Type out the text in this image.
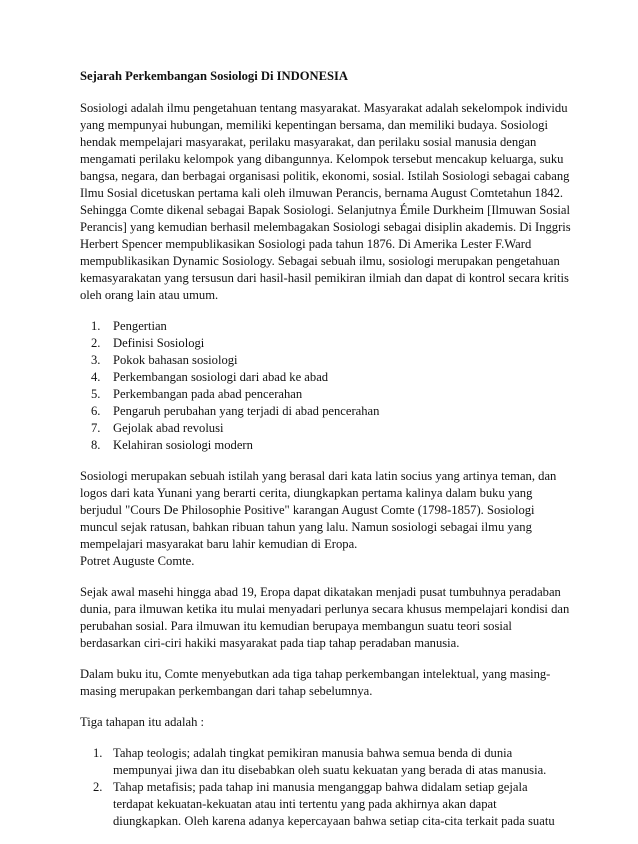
Sejarah Perkembangan Sosiologi Di INDONESIA

Sosiologi adalah ilmu pengetahuan tentang masyarakat. Masyarakat adalah sekelompok individu
yang mempunyai hubungan, memiliki kepentingan bersama, dan memiliki budaya. Sosiologi
hendak mempelajari masyarakat, perilaku masyarakat, dan perilaku sosial manusia dengan
mengamati perilaku kelompok yang dibangunnya. Kelompok tersebut mencakup keluarga, suku
bangsa, negara, dan berbagai organisasi politik, ekonomi, sosial. Istilah Sosiologi sebagai cabang
Ilmu Sosial dicetuskan pertama kali oleh ilmuwan Perancis, bernama August Comtetahun 1842.
Sehingga Comte dikenal sebagai Bapak Sosiologi. Selanjutnya Émile Durkheim [Ilmuwan Sosial
Perancis] yang kemudian berhasil melembagakan Sosiologi sebagai disiplin akademis. Di Inggris
Herbert Spencer mempublikasikan Sosiologi pada tahun 1876. Di Amerika Lester F.Ward
mempublikasikan Dynamic Sosiology. Sebagai sebuah ilmu, sosiologi merupakan pengetahuan
kemasyarakatan yang tersusun dari hasil-hasil pemikiran ilmiah dan dapat di kontrol secara kritis
oleh orang lain atau umum.

1. Pengertian
2. Definisi Sosiologi
3. Pokok bahasan sosiologi
4. Perkembangan sosiologi dari abad ke abad
5. Perkembangan pada abad pencerahan
6. Pengaruh perubahan yang terjadi di abad pencerahan
7. Gejolak abad revolusi
8. Kelahiran sosiologi modern

Sosiologi merupakan sebuah istilah yang berasal dari kata latin socius yang artinya teman, dan
logos dari kata Yunani yang berarti cerita, diungkapkan pertama kalinya dalam buku yang
berjudul "Cours De Philosophie Positive" karangan August Comte (1798-1857). Sosiologi
muncul sejak ratusan, bahkan ribuan tahun yang lalu. Namun sosiologi sebagai ilmu yang
mempelajari masyarakat baru lahir kemudian di Eropa.
Potret Auguste Comte.

Sejak awal masehi hingga abad 19, Eropa dapat dikatakan menjadi pusat tumbuhnya peradaban
dunia, para ilmuwan ketika itu mulai menyadari perlunya secara khusus mempelajari kondisi dan
perubahan sosial. Para ilmuwan itu kemudian berupaya membangun suatu teori sosial
berdasarkan ciri-ciri hakiki masyarakat pada tiap tahap peradaban manusia.

Dalam buku itu, Comte menyebutkan ada tiga tahap perkembangan intelektual, yang masing-
masing merupakan perkembangan dari tahap sebelumnya.

Tiga tahapan itu adalah :

1. Tahap teologis; adalah tingkat pemikiran manusia bahwa semua benda di dunia
mempunyai jiwa dan itu disebabkan oleh suatu kekuatan yang berada di atas manusia.
2. Tahap metafisis; pada tahap ini manusia menganggap bahwa didalam setiap gejala
terdapat kekuatan-kekuatan atau inti tertentu yang pada akhirnya akan dapat
diungkapkan. Oleh karena adanya kepercayaan bahwa setiap cita-cita terkait pada suatu
